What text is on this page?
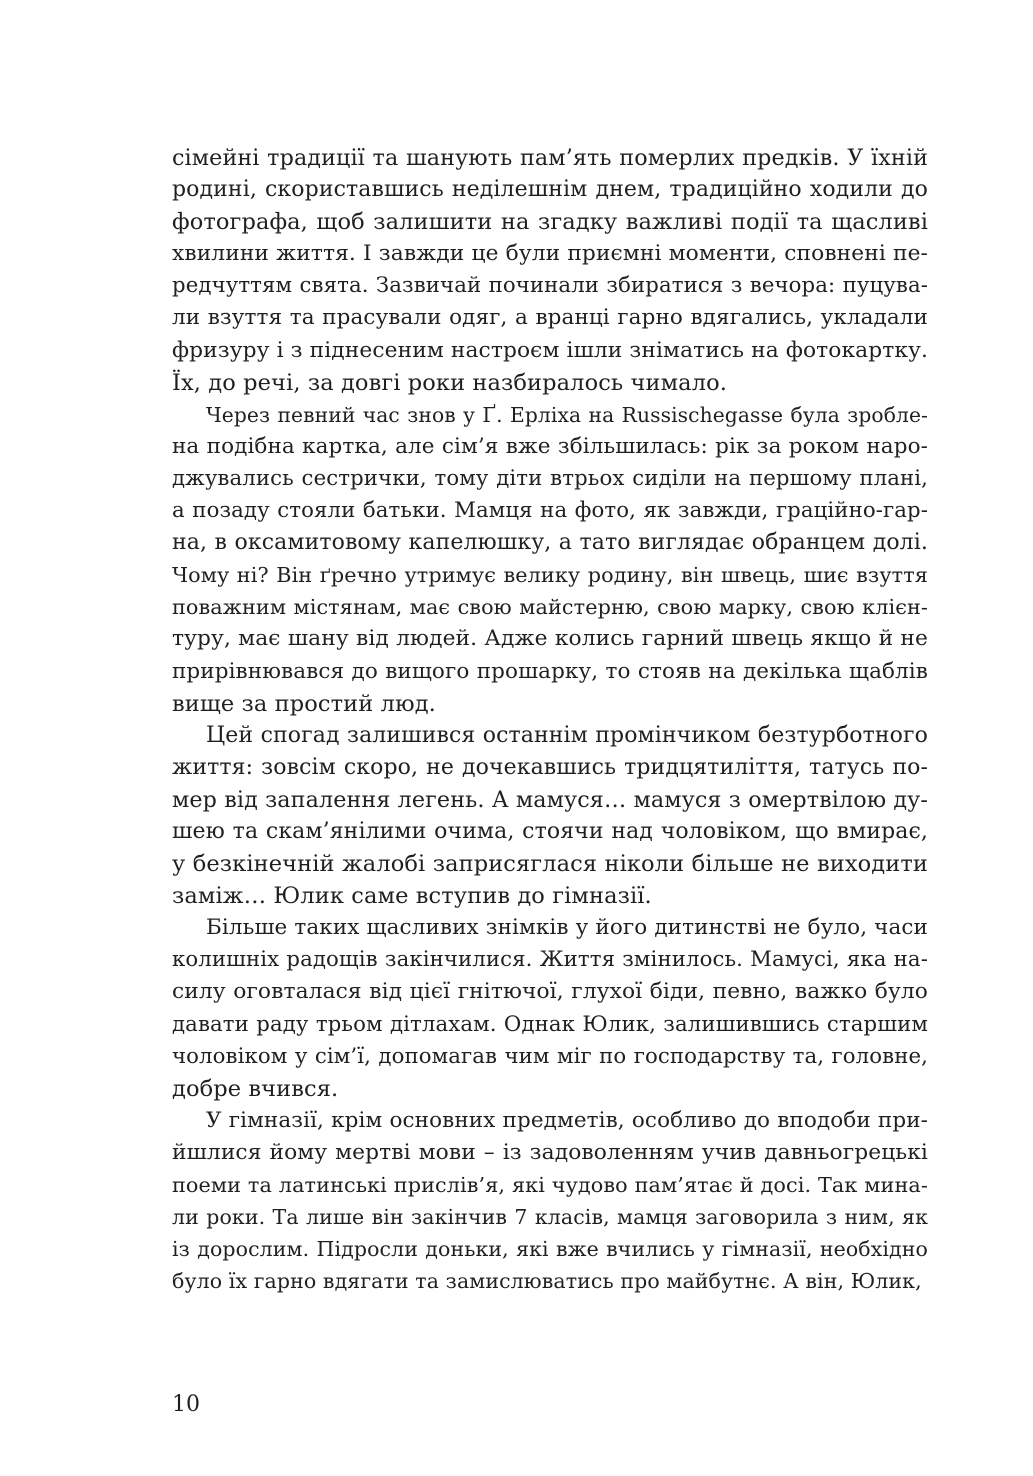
сімейні традиції та шанують пам’ять померлих предків. У їхній
родині, скориставшись неділешнім днем, традиційно ходили до
фотографа, щоб залишити на згадку важливі події та щасливі
хвилини життя. І завжди це були приємні моменти, сповнені пе-
редчуттям свята. Зазвичай починали збиратися з вечора: пуцува-
ли взуття та прасували одяг, а вранці гарно вдягались, укладали
фризуру і з піднесеним настроєм ішли зніматись на фотокартку.
Їх, до речі, за довгі роки назбиралось чимало.
Через певний час знов у Ґ. Ерліха на Russischegasse була зробле-
на подібна картка, але сім’я вже збільшилась: рік за роком наро-
джувались сестрички, тому діти втрьох сиділи на першому плані,
а позаду стояли батьки. Мамця на фото, як завжди, граційно-гар-
на, в оксамитовому капелюшку, а тато виглядає обранцем долі.
Чому ні? Він ґречно утримує велику родину, він швець, шиє взуття
поважним містянам, має свою майстерню, свою марку, свою клієн-
туру, має шану від людей. Адже колись гарний швець якщо й не
прирівнювався до вищого прошарку, то стояв на декілька щаблів
вище за простий люд.
Цей спогад залишився останнім промінчиком безтурботного
життя: зовсім скоро, не дочекавшись тридцятиліття, татусь по-
мер від запалення легень. А мамуся… мамуся з омертвілою ду-
шею та скам’янілими очима, стоячи над чоловіком, що вмирає,
у безкінечній жалобі заприсяглася ніколи більше не виходити
заміж… Юлик саме вступив до гімназії.
Більше таких щасливих знімків у його дитинстві не було, часи
колишніх радощів закінчилися. Життя змінилось. Мамусі, яка на-
силу оговталася від цієї гнітючої, глухої біди, певно, важко було
давати раду трьом дітлахам. Однак Юлик, залишившись старшим
чоловіком у сім’ї, допомагав чим міг по господарству та, головне,
добре вчився.
У гімназії, крім основних предметів, особливо до вподоби при-
йшлися йому мертві мови – із задоволенням учив давньогрецькі
поеми та латинські прислів’я, які чудово пам’ятає й досі. Так мина-
ли роки. Та лише він закінчив 7 класів, мамця заговорила з ним, як
із дорослим. Підросли доньки, які вже вчились у гімназії, необхідно
було їх гарно вдягати та замислюватись про майбутнє. А він, Юлик,
10
